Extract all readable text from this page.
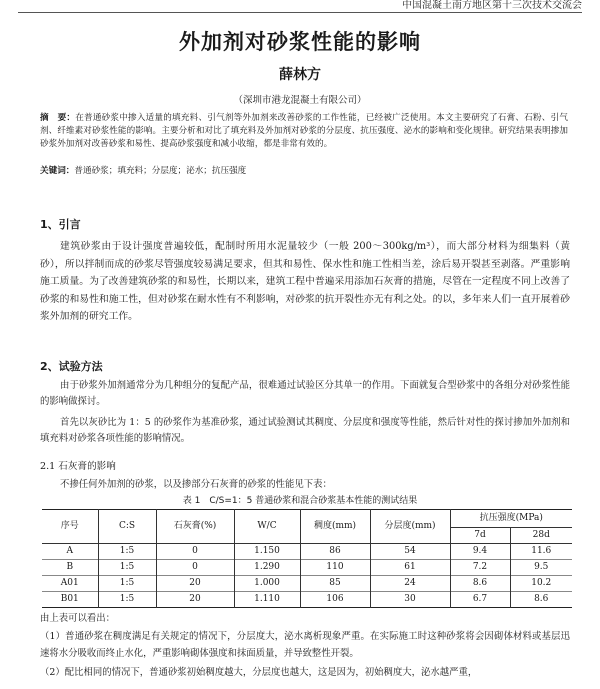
中国混凝土南方地区第十三次技术交流会
外加剂对砂浆性能的影响
薛林方
（深圳市港龙混凝土有限公司）
摘　要：在普通砂浆中掺入适量的填充料、引气剂等外加剂来改善砂浆的工作性能，已经被广泛使用。本文主要研究了石膏、石粉、引气剂、纤维素对砂浆性能的影响。主要分析和对比了填充料及外加剂对砂浆的分层度、抗压强度、泌水的影响和变化规律。研究结果表明掺加砂浆外加剂对改善砂浆和易性、提高砂浆强度和减小收缩，都是非常有效的。
关键词：普通砂浆；填充料；分层度；泌水；抗压强度
1、引言
建筑砂浆由于设计强度普遍较低，配制时所用水泥量较少（一般 200～300kg/m³），而大部分材料为细集料（黄砂），所以拌制而成的砂浆尽管强度较易满足要求，但其和易性、保水性和施工性相当差，涂后易开裂甚至剥落。严重影响施工质量。为了改善建筑砂浆的和易性，长期以来，建筑工程中普遍采用添加石灰膏的措施，尽管在一定程度不同上改善了砂浆的和易性和施工性，但对砂浆在耐水性有不利影响，对砂浆的抗开裂性亦无有利之处。的以，多年来人们一直开展着砂浆外加剂的研究工作。
2、试验方法
由于砂浆外加剂通常分为几种组分的复配产品，很难通过试验区分其单一的作用。下面就复合型砂浆中的各组分对砂浆性能的影响做探讨。
首先以灰砂比为 1：5 的砂浆作为基准砂浆，通过试验测试其稠度、分层度和强度等性能，然后针对性的探讨掺加外加剂和填充料对砂浆各项性能的影响情况。
2.1 石灰膏的影响
不掺任何外加剂的砂浆，以及掺部分石灰膏的砂浆的性能见下表：
表 1　C/S=1：5 普通砂浆和混合砂浆基本性能的测试结果
序号	C:S	石灰膏(%)	W/C	稠度(mm)	分层度(mm)	抗压强度(MPa)	
						7d	28d
A	1:5	0	1.150	86	54	9.4	11.6
B	1:5	0	1.290	110	61	7.2	9.5
A01	1:5	20	1.000	85	24	8.6	10.2
B01	1:5	20	1.110	106	30	6.7	8.6
由上表可以看出：
（1）普通砂浆在稠度满足有关规定的情况下，分层度大，泌水离析现象严重。在实际施工时这种砂浆将会因砌体材料或基层迅速将水分吸收而终止水化，严重影响砌体强度和抹面质量，并导致整性开裂。
（2）配比相同的情况下，普通砂浆初始稠度越大，分层度也越大，这是因为，初始稠度大，泌水越严重，
